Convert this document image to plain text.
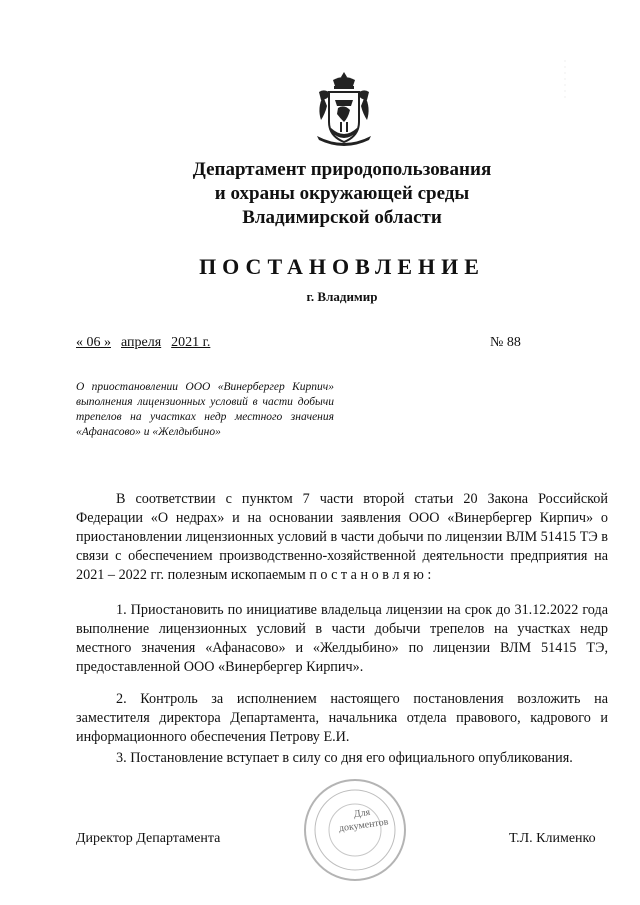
Департамент природопользования
и охраны окружающей среды
Владимирской области
ПОСТАНОВЛЕНИЕ
г. Владимир
« 06 » апреля 2021 г.	№ 88
О приостановлении ООО «Винербергер Кирпич» выполнения лицензионных условий в части добычи трепелов на участках недр местного значения «Афанасово» и «Желдыбино»
В соответствии с пунктом 7 части второй статьи 20 Закона Российской Федерации «О недрах» и на основании заявления ООО «Винербергер Кирпич» о приостановлении лицензионных условий в части добычи по лицензии ВЛМ 51415 ТЭ в связи с обеспечением производственно-хозяйственной деятельности предприятия на 2021 – 2022 гг. полезным ископаемым п о с т а н о в л я ю :
1. Приостановить по инициативе владельца лицензии на срок до 31.12.2022 года выполнение лицензионных условий в части добычи трепелов на участках недр местного значения «Афанасово» и «Желдыбино» по лицензии ВЛМ 51415 ТЭ, предоставленной ООО «Винербергер Кирпич».
2. Контроль за исполнением настоящего постановления возложить на заместителя директора Департамента, начальника отдела правового, кадрового и информационного обеспечения Петрову Е.И.
3. Постановление вступает в силу со дня его официального опубликования.
Для
документов
Директор Департамента	Т.Л. Клименко
